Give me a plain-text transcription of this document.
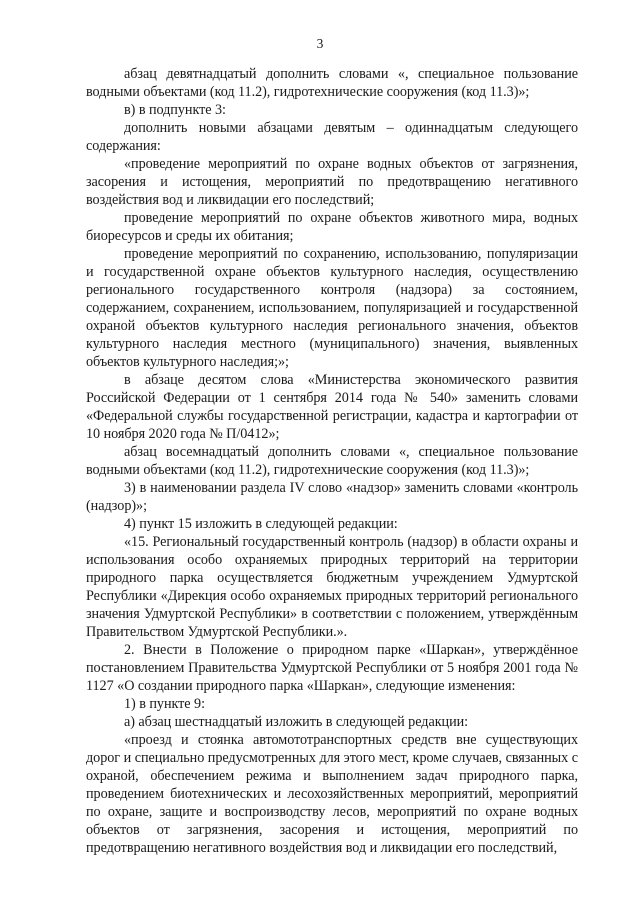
3

абзац девятнадцатый дополнить словами «, специальное пользование водными объектами (код 11.2), гидротехнические сооружения (код 11.3)»;

в) в подпункте 3:

дополнить новыми абзацами девятым – одиннадцатым следующего содержания:

«проведение мероприятий по охране водных объектов от загрязнения, засорения и истощения, мероприятий по предотвращению негативного воздействия вод и ликвидации его последствий;

проведение мероприятий по охране объектов животного мира, водных биоресурсов и среды их обитания;

проведение мероприятий по сохранению, использованию, популяризации и государственной охране объектов культурного наследия, осуществлению регионального государственного контроля (надзора) за состоянием, содержанием, сохранением, использованием, популяризацией и государственной охраной объектов культурного наследия регионального значения, объектов культурного наследия местного (муниципального) значения, выявленных объектов культурного наследия;»;

в абзаце десятом слова «Министерства экономического развития Российской Федерации от 1 сентября 2014 года № 540» заменить словами «Федеральной службы государственной регистрации, кадастра и картографии от 10 ноября 2020 года № П/0412»;

абзац восемнадцатый дополнить словами «, специальное пользование водными объектами (код 11.2), гидротехнические сооружения (код 11.3)»;

3) в наименовании раздела IV слово «надзор» заменить словами «контроль (надзор)»;

4) пункт 15 изложить в следующей редакции:

«15. Региональный государственный контроль (надзор) в области охраны и использования особо охраняемых природных территорий на территории природного парка осуществляется бюджетным учреждением Удмуртской Республики «Дирекция особо охраняемых природных территорий регионального значения Удмуртской Республики» в соответствии с положением, утверждённым Правительством Удмуртской Республики.».

2. Внести в Положение о природном парке «Шаркан», утверждённое постановлением Правительства Удмуртской Республики от 5 ноября 2001 года № 1127 «О создании природного парка «Шаркан», следующие изменения:

1) в пункте 9:

а) абзац шестнадцатый изложить в следующей редакции:

«проезд и стоянка автомототранспортных средств вне существующих дорог и специально предусмотренных для этого мест, кроме случаев, связанных с охраной, обеспечением режима и выполнением задач природного парка, проведением биотехнических и лесохозяйственных мероприятий, мероприятий по охране, защите и воспроизводству лесов, мероприятий по охране водных объектов от загрязнения, засорения и истощения, мероприятий по предотвращению негативного воздействия вод и ликвидации его последствий,
